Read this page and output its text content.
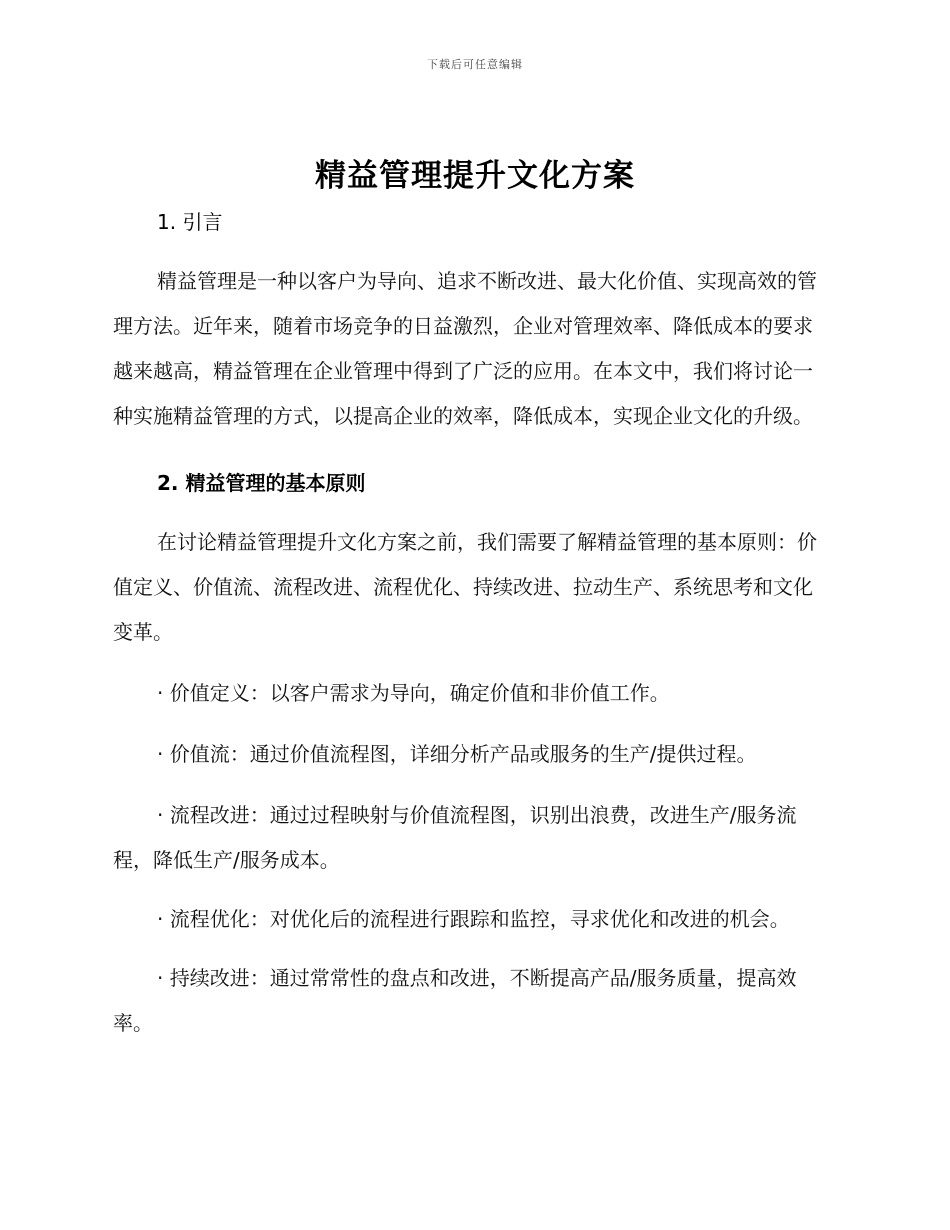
下载后可任意编辑
精益管理提升文化方案
1. 引言

精益管理是一种以客户为导向、追求不断改进、最大化价值、实现高效的管理方法。近年来，随着市场竞争的日益激烈，企业对管理效率、降低成本的要求越来越高，精益管理在企业管理中得到了广泛的应用。在本文中，我们将讨论一种实施精益管理的方式，以提高企业的效率，降低成本，实现企业文化的升级。

2. 精益管理的基本原则

在讨论精益管理提升文化方案之前，我们需要了解精益管理的基本原则：价值定义、价值流、流程改进、流程优化、持续改进、拉动生产、系统思考和文化变革。

· 价值定义：以客户需求为导向，确定价值和非价值工作。

· 价值流：通过价值流程图，详细分析产品或服务的生产/提供过程。

· 流程改进：通过过程映射与价值流程图，识别出浪费，改进生产/服务流程，降低生产/服务成本。

· 流程优化：对优化后的流程进行跟踪和监控，寻求优化和改进的机会。

· 持续改进：通过常常性的盘点和改进，不断提高产品/服务质量，提高效率。
